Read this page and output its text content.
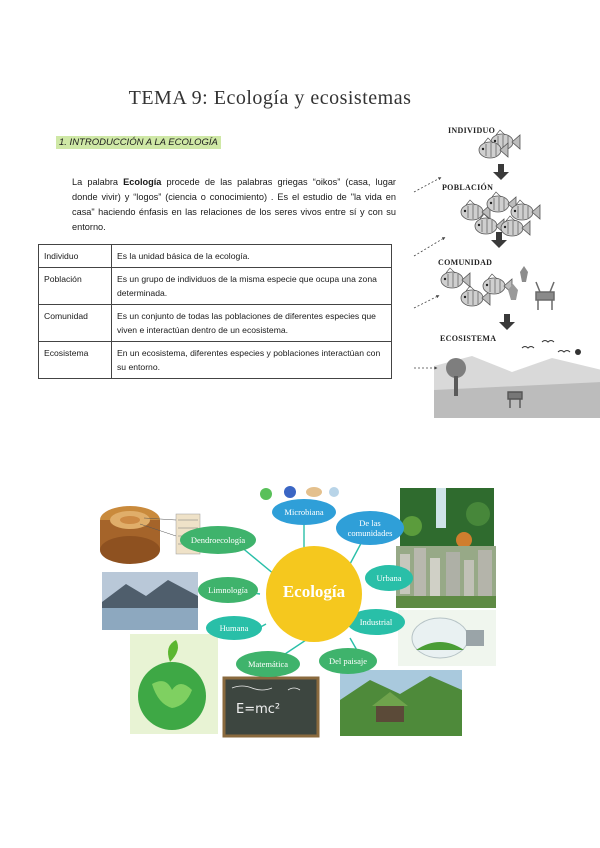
TEMA 9: Ecología y ecosistemas
1. INTRODUCCIÓN A LA ECOLOGÍA

La palabra Ecología procede de las palabras griegas “oikos” (casa, lugar donde vivir) y “logos” (ciencia o conocimiento) . Es el estudio de "la vida en casa" haciendo énfasis en las relaciones de los seres vivos entre sí y con su entorno.

Individuo	Es la unidad básica de la ecología.
Población	Es un grupo de individuos de la misma especie que ocupa una zona determinada.
Comunidad	Es un conjunto de todas las poblaciones de diferentes especies que viven e interactúan dentro de un ecosistema.
Ecosistema	En un ecosistema, diferentes especies y poblaciones interactúan con su entorno.
INDIVIDUO
POBLACIÓN
COMUNIDAD
ECOSISTEMA
Ecología
Dendroecología
Microbiana
De las comunidades
Urbana
Industrial
Del paisaje
Matemática
Humana
Limnología
E=mc²
